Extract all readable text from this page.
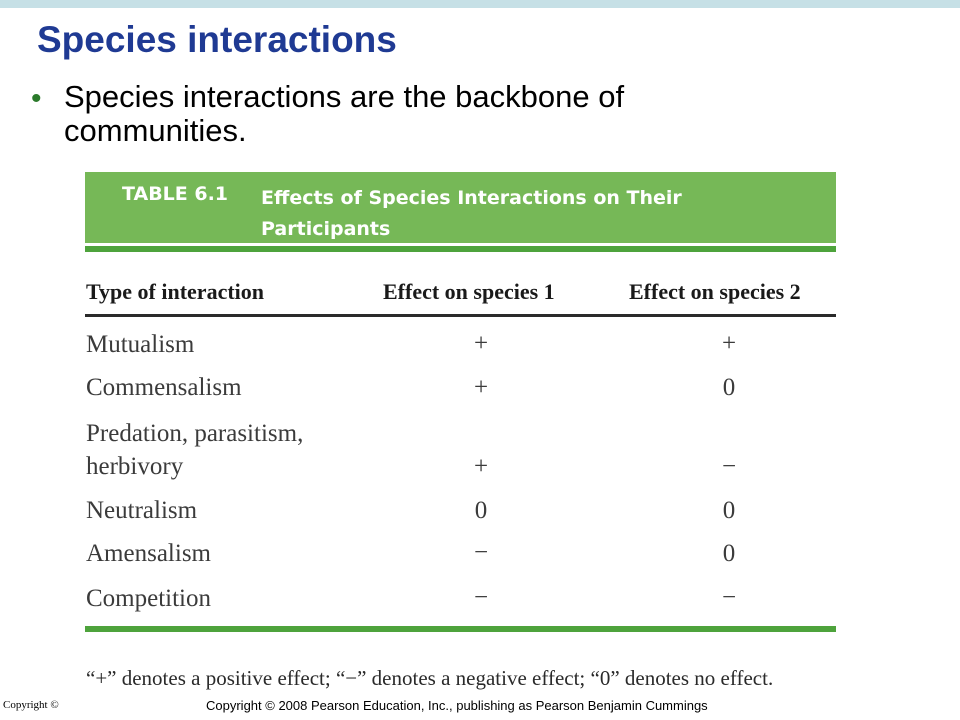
Species interactions
• Species interactions are the backbone of communities.
TABLE 6.1 Effects of Species Interactions on Their Participants
Type of interaction	Effect on species 1	Effect on species 2
Mutualism	+	+
Commensalism	+	0
Predation, parasitism,
herbivory	+	−
Neutralism	0	0
Amensalism	−	0
Competition	−	−
“+” denotes a positive effect; “−” denotes a negative effect; “0” denotes no effect.
Copyright ©	Copyright © 2008 Pearson Education, Inc., publishing as Pearson Benjamin Cummings
